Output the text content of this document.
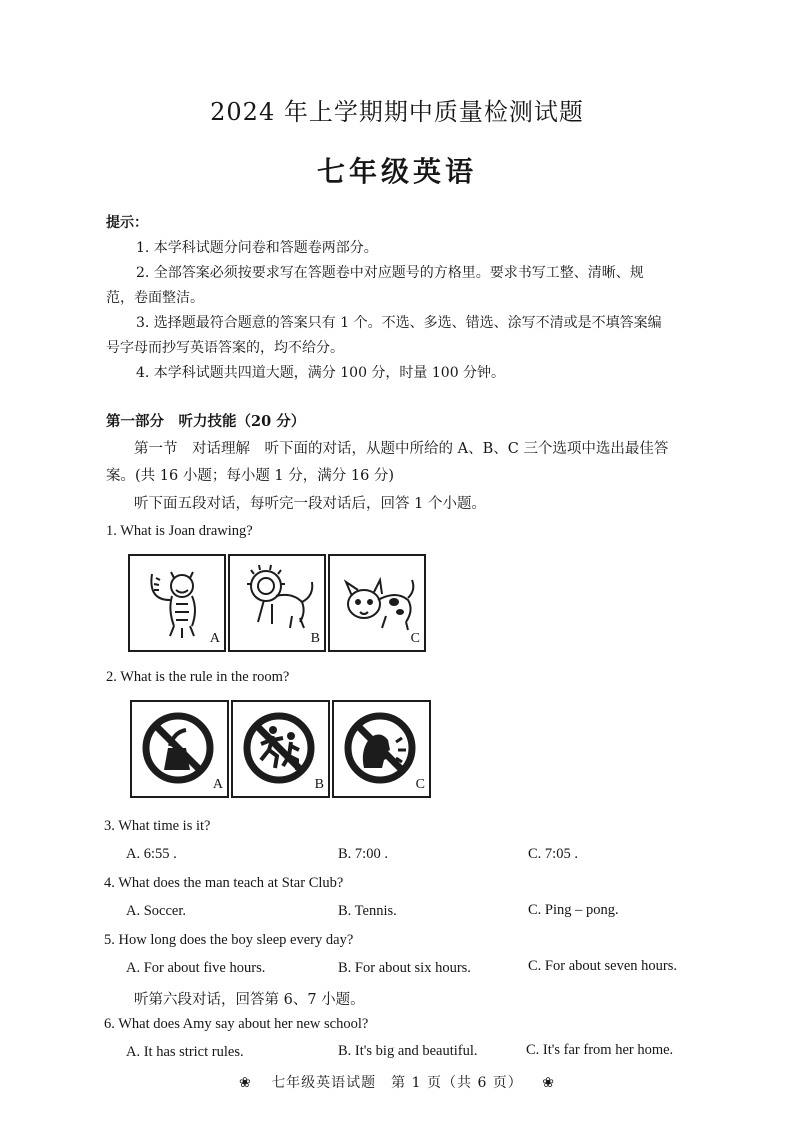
2024 年上学期期中质量检测试题
七年级英语
提示：
1. 本学科试题分问卷和答题卷两部分。
2. 全部答案必须按要求写在答题卷中对应题号的方格里。要求书写工整、清晰、规
范，卷面整洁。
3. 选择题最符合题意的答案只有 1 个。不选、多选、错选、涂写不清或是不填答案编
号字母而抄写英语答案的，均不给分。
4. 本学科试题共四道大题，满分 100 分，时量 100 分钟。
第一部分　听力技能（20 分）
第一节　对话理解　听下面的对话，从题中所给的 A、B、C 三个选项中选出最佳答
案。(共 16 小题；每小题 1 分，满分 16 分)
听下面五段对话，每听完一段对话后，回答 1 个小题。
1. What is Joan drawing?
A	B	C
2. What is the rule in the room?
A	B	C
3. What time is it?
A. 6:55 .	B. 7:00 .	C. 7:05 .
4. What does the man teach at Star Club?
A. Soccer.	B. Tennis.	C. Ping – pong.
5. How long does the boy sleep every day?
A. For about five hours.	B. For about six hours.	C. For about seven hours.
听第六段对话，回答第 6、7 小题。
6. What does Amy say about her new school?
A. It has strict rules.	B. It's big and beautiful.	C. It's far from her home.
❀ 七年级英语试题　第 1 页（共 6 页） ❀
